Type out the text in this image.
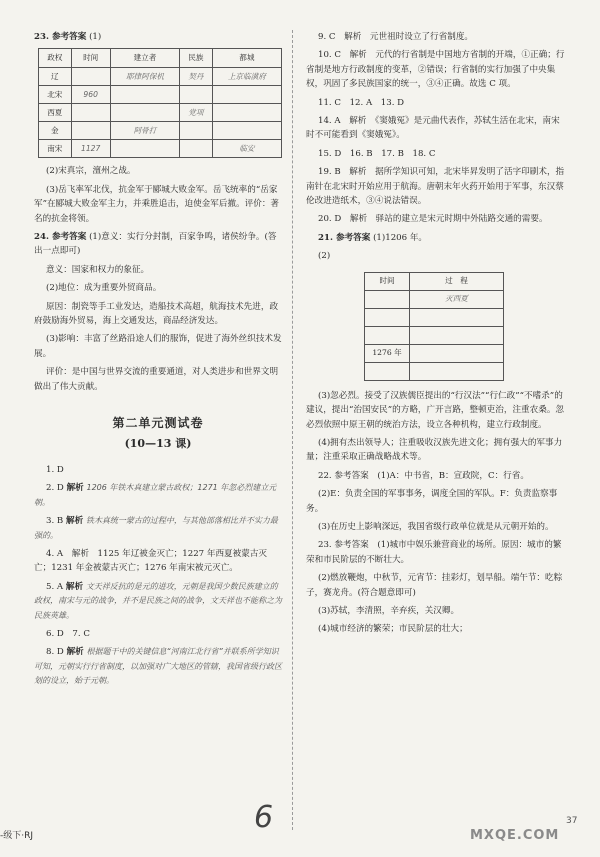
23. 参考答案 (1)

政权	时间	建立者	民族	都城
辽		耶律阿保机	契丹	上京临潢府
北宋	960			
西夏			党项	
金		阿骨打		
南宋	1127			临安

(2)宋真宗，澶州之战。

(3)岳飞率军北伐，抗金军于郾城大败金军。岳飞统率的“岳家军”在郾城大败金军主力，并乘胜追击，迫使金军后撤。评价：著名的抗金将领。

24. 参考答案 (1)意义：实行分封制，百家争鸣，诸侯纷争。(答出一点即可)

意义：国家和权力的象征。

(2)地位：成为重要外贸商品。

原因：制瓷等手工业发达，造船技术高超，航海技术先进，政府鼓励海外贸易，海上交通发达，商品经济发达。

(3)影响：丰富了丝路沿途人们的服饰，促进了海外丝织技术发展。

评价：是中国与世界交流的重要通道，对人类进步和世界文明做出了伟大贡献。

第二单元测试卷
(10—13 课)

1. D

2. D 解析 1206 年铁木真建立蒙古政权；1271 年忽必烈建立元朝。

3. B 解析 铁木真统一蒙古的过程中，与其他部落相比并不实力最强的。

4. A　解析　1125 年辽被金灭亡；1227 年西夏被蒙古灭亡；1231 年金被蒙古灭亡；1276 年南宋被元灭亡。

5. A 解析 文天祥反抗的是元的进攻，元朝是我国少数民族建立的政权，南宋与元的战争，并不是民族之间的战争，文天祥也不能称之为民族英雄。

6. D　7. C

8. D 解析 根据题干中的关键信息“河南江北行省”并联系所学知识可知，元朝实行行省制度，以加强对广大地区的管辖，我国省级行政区划的设立，始于元朝。

9. C　解析　元世祖时设立了行省制度。

10. C　解析　元代的行省制是中国地方省制的开端，①正确；行省制是地方行政制度的变革，②错误；行省制的实行加强了中央集权，巩固了多民族国家的统一，③④正确。故选 C 项。

11. C　12. A　13. D

14. A　解析　《窦娥冤》是元曲代表作，苏轼生活在北宋，南宋时不可能看到《窦娥冤》。

15. D　16. B　17. B　18. C

19. B　解析　据所学知识可知，北宋毕昇发明了活字印刷术，指南针在北宋时开始应用于航海。唐朝末年火药开始用于军事，东汉蔡伦改进造纸术，③④说法错误。

20. D　解析　驿站的建立是宋元时期中外陆路交通的需要。

21. 参考答案 (1)1206 年。

(2)

时间	过　程
	灭西夏

1276 年	

(3)忽必烈。接受了汉族儒臣提出的“行汉法”“行仁政”“不嗜杀”的建议，提出“治国安民”的方略，广开言路，整顿吏治，注重农桑。忽必烈依照中原王朝的统治方法，设立各种机构，建立行政制度。

(4)拥有杰出领导人；注重吸收汉族先进文化；拥有强大的军事力量；注重采取正确战略战术等。

22. 参考答案　(1)A：中书省，B：宣政院，C：行省。

(2)E：负责全国的军事事务，调度全国的军队。F：负责监察事务。

(3)在历史上影响深远，我国省级行政单位就是从元朝开始的。

23. 参考答案　(1)城市中娱乐兼营商业的场所。原因：城市的繁荣和市民阶层的不断壮大。

(2)燃放鞭炮，中秋节，元宵节：挂彩灯，划旱船。端午节：吃粽子，赛龙舟。(符合题意即可)

(3)苏轼，李清照，辛弃疾，关汉卿。

(4)城市经济的繁荣；市民阶层的壮大；

-级下·RJ
6	37
MXQE.COM
